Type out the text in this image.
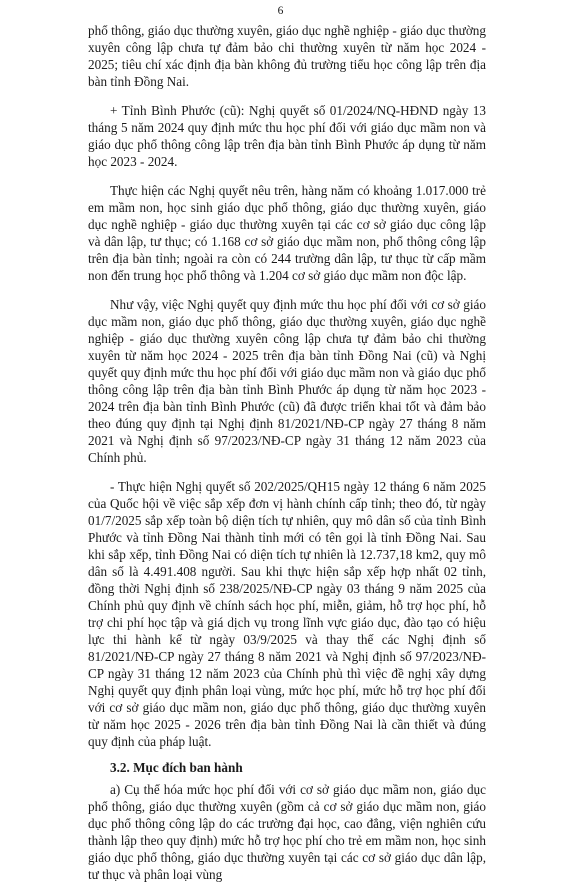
6

phổ thông, giáo dục thường xuyên, giáo dục nghề nghiệp - giáo dục thường xuyên công lập chưa tự đảm bảo chi thường xuyên từ năm học 2024 - 2025; tiêu chí xác định địa bàn không đủ trường tiểu học công lập trên địa bàn tỉnh Đồng Nai.

+ Tỉnh Bình Phước (cũ): Nghị quyết số 01/2024/NQ-HĐND ngày 13 tháng 5 năm 2024 quy định mức thu học phí đối với giáo dục mầm non và giáo dục phổ thông công lập trên địa bàn tỉnh Bình Phước áp dụng từ năm học 2023 - 2024.

Thực hiện các Nghị quyết nêu trên, hàng năm có khoảng 1.017.000 trẻ em mầm non, học sinh giáo dục phổ thông, giáo dục thường xuyên, giáo dục nghề nghiệp - giáo dục thường xuyên tại các cơ sở giáo dục công lập và dân lập, tư thục; có 1.168 cơ sở giáo dục mầm non, phổ thông công lập trên địa bàn tỉnh; ngoài ra còn có 244 trường dân lập, tư thục từ cấp mầm non đến trung học phổ thông và 1.204 cơ sở giáo dục mầm non độc lập.

Như vậy, việc Nghị quyết quy định mức thu học phí đối với cơ sở giáo dục mầm non, giáo dục phổ thông, giáo dục thường xuyên, giáo dục nghề nghiệp - giáo dục thường xuyên công lập chưa tự đảm bảo chi thường xuyên từ năm học 2024 - 2025 trên địa bàn tỉnh Đồng Nai (cũ) và Nghị quyết quy định mức thu học phí đối với giáo dục mầm non và giáo dục phổ thông công lập trên địa bàn tỉnh Bình Phước áp dụng từ năm học 2023 - 2024 trên địa bàn tỉnh Bình Phước (cũ) đã được triển khai tốt và đảm bảo theo đúng quy định tại Nghị định 81/2021/NĐ-CP ngày 27 tháng 8 năm 2021 và Nghị định số 97/2023/NĐ-CP ngày 31 tháng 12 năm 2023 của Chính phủ.

- Thực hiện Nghị quyết số 202/2025/QH15 ngày 12 tháng 6 năm 2025 của Quốc hội về việc sắp xếp đơn vị hành chính cấp tỉnh; theo đó, từ ngày 01/7/2025 sắp xếp toàn bộ diện tích tự nhiên, quy mô dân số của tỉnh Bình Phước và tỉnh Đồng Nai thành tỉnh mới có tên gọi là tỉnh Đồng Nai. Sau khi sắp xếp, tỉnh Đồng Nai có diện tích tự nhiên là 12.737,18 km2, quy mô dân số là 4.491.408 người. Sau khi thực hiện sắp xếp hợp nhất 02 tỉnh, đồng thời Nghị định số 238/2025/NĐ-CP ngày 03 tháng 9 năm 2025 của Chính phủ quy định về chính sách học phí, miễn, giảm, hỗ trợ học phí, hỗ trợ chi phí học tập và giá dịch vụ trong lĩnh vực giáo dục, đào tạo có hiệu lực thi hành kể từ ngày 03/9/2025 và thay thế các Nghị định số 81/2021/NĐ-CP ngày 27 tháng 8 năm 2021 và Nghị định số 97/2023/NĐ-CP ngày 31 tháng 12 năm 2023 của Chính phủ thì việc đề nghị xây dựng Nghị quyết quy định phân loại vùng, mức học phí, mức hỗ trợ học phí đối với cơ sở giáo dục mầm non, giáo dục phổ thông, giáo dục thường xuyên từ năm học 2025 - 2026 trên địa bàn tỉnh Đồng Nai là cần thiết và đúng quy định của pháp luật.

3.2. Mục đích ban hành

a) Cụ thể hóa mức học phí đối với cơ sở giáo dục mầm non, giáo dục phổ thông, giáo dục thường xuyên (gồm cả cơ sở giáo dục mầm non, giáo dục phổ thông công lập do các trường đại học, cao đẳng, viện nghiên cứu thành lập theo quy định) mức hỗ trợ học phí cho trẻ em mầm non, học sinh giáo dục phổ thông, giáo dục thường xuyên tại các cơ sở giáo dục dân lập, tư thục và phân loại vùng
